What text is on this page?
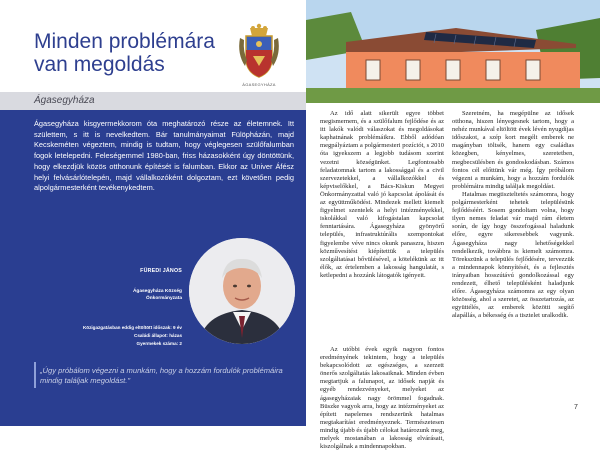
Minden problémára
van megoldás
ÁGASEGYHÁZA
Ágasegyháza

Ágasegyháza kisgyermekkorom óta meghatározó része az életemnek. Itt születtem, s itt is nevelkedtem. Bár tanulmányaimat Fülöpházán, majd Kecskeméten végeztem, mindig is tudtam, hogy véglegesen szülőfalumban fogok letelepedni. Feleségemmel 1980-ban, friss házasokként úgy döntöttünk, hogy elkezdjük közös otthonunk építését is falumban. Ekkor az Univer Áfész helyi felvásárlótelepén, majd vállalkozóként dolgoztam, ezt követően pedig alpolgármesterként tevékenykedtem.

FÜREDI JÁNOS
Ágasegyháza Község
Önkormányzata
Közigazgatásban eddig eltöltött időszak: 9 év
Családi állapot: házas
Gyermekek száma: 2
„Úgy próbálom végezni a munkám, hogy a hozzám fordulók problémáira mindig találjak megoldást."

Az idő alatt sikerült egyre többet megismernem, és a szülőfalum fejlődése és az itt lakók valódi válaszokat és megoldásokat kaphatnának problémáikra. Ebből adódóan megpályáztam a polgármesteri pozíciót, s 2010 óta igyekszem a legjobb tudásom szerint vezetni községünket. Legfontosabb feladatomnak tartom a lakossággal és a civil szervezetekkel, a vállalkozókkel és képviselőkkel, a Bács-Kiskun Megyei Önkormányzattal való jó kapcsolat ápolását és az együttműködést. Mindezek mellett kiemelt figyelmet szentelek a helyi intézményekkel, iskolákkal való kifogástalan kapcsolat fenntartására. Ágasegyháza gyönyörű település, infrastruktúrális szempontokat figyelembe véve nincs okunk panaszra, hiszen közművesítést kiépítettük a település szolgáltatásai bővülésével, a kötelékünk az itt élők, az értelemben a lakosság hangulatát, s ketlepedni a hozzánk látogatók igényeit.

Az utóbbi évek egyik nagyon fontos eredményének tekintem, hogy a település bekapcsolódott az egészséges, a szerzett önerős szolgáltatás lakosaiknak. Minden évben megtartjuk a falunapot, az idősek napját és egyéb rendezvényeket, melyeket az ágasegyházaiak nagy örömmel fogadnak. Büszke vagyok arra, hogy az intézményeket az épített napelemes rendszerünk hatalmas megtakarítást eredményeznek. Természetesen mindig újabb és újabb célokat határozunk meg, melyek mostanában a lakosság elvárásait, kiszolgálnak a mindennapokban.

Szeretném, ha megépülne az idősek otthona, hiszen lényegesnek tartom, hogy a nehéz munkával eltöltött évek lévén nyugdíjas időszakot, a szép kort megélt emberek ne magányban töltsék, hanem egy családias közegben, kényelmes, szeretetben, megbecsülésben és gondoskodásban. Számos fontos cél előttünk vár még. Így próbálom végezni a munkám, hogy a hozzám fordulók problémáira mindig találjak megoldást.

Hatalmas megtiszteltetés számomra, hogy polgármesterként tehetek településünk fejlődéséért. Sosem gondoltam volna, hogy ilyen nemes feladat vár majd rám életem során, de így hogy összefogással haladunk előre, egyre sikeresebbek vagyunk. Ágasegyháza nagy lehetőségekkel rendelkezik, továbbra is kiemelt számomra. Törekszünk a település fejlődésére, tervezzük a mindennapok könnyítését, és a fejlesztés irányaiban hosszútávú gondolkozással egy rendezett, élhető településként haladjunk előre. Ágasegyháza számomra az egy olyan közösség, ahol a szeretet, az összetartozás, az együttélés, az emberek közötti segítő alapállás, a békesség és a tisztelet uralkodik.

7
